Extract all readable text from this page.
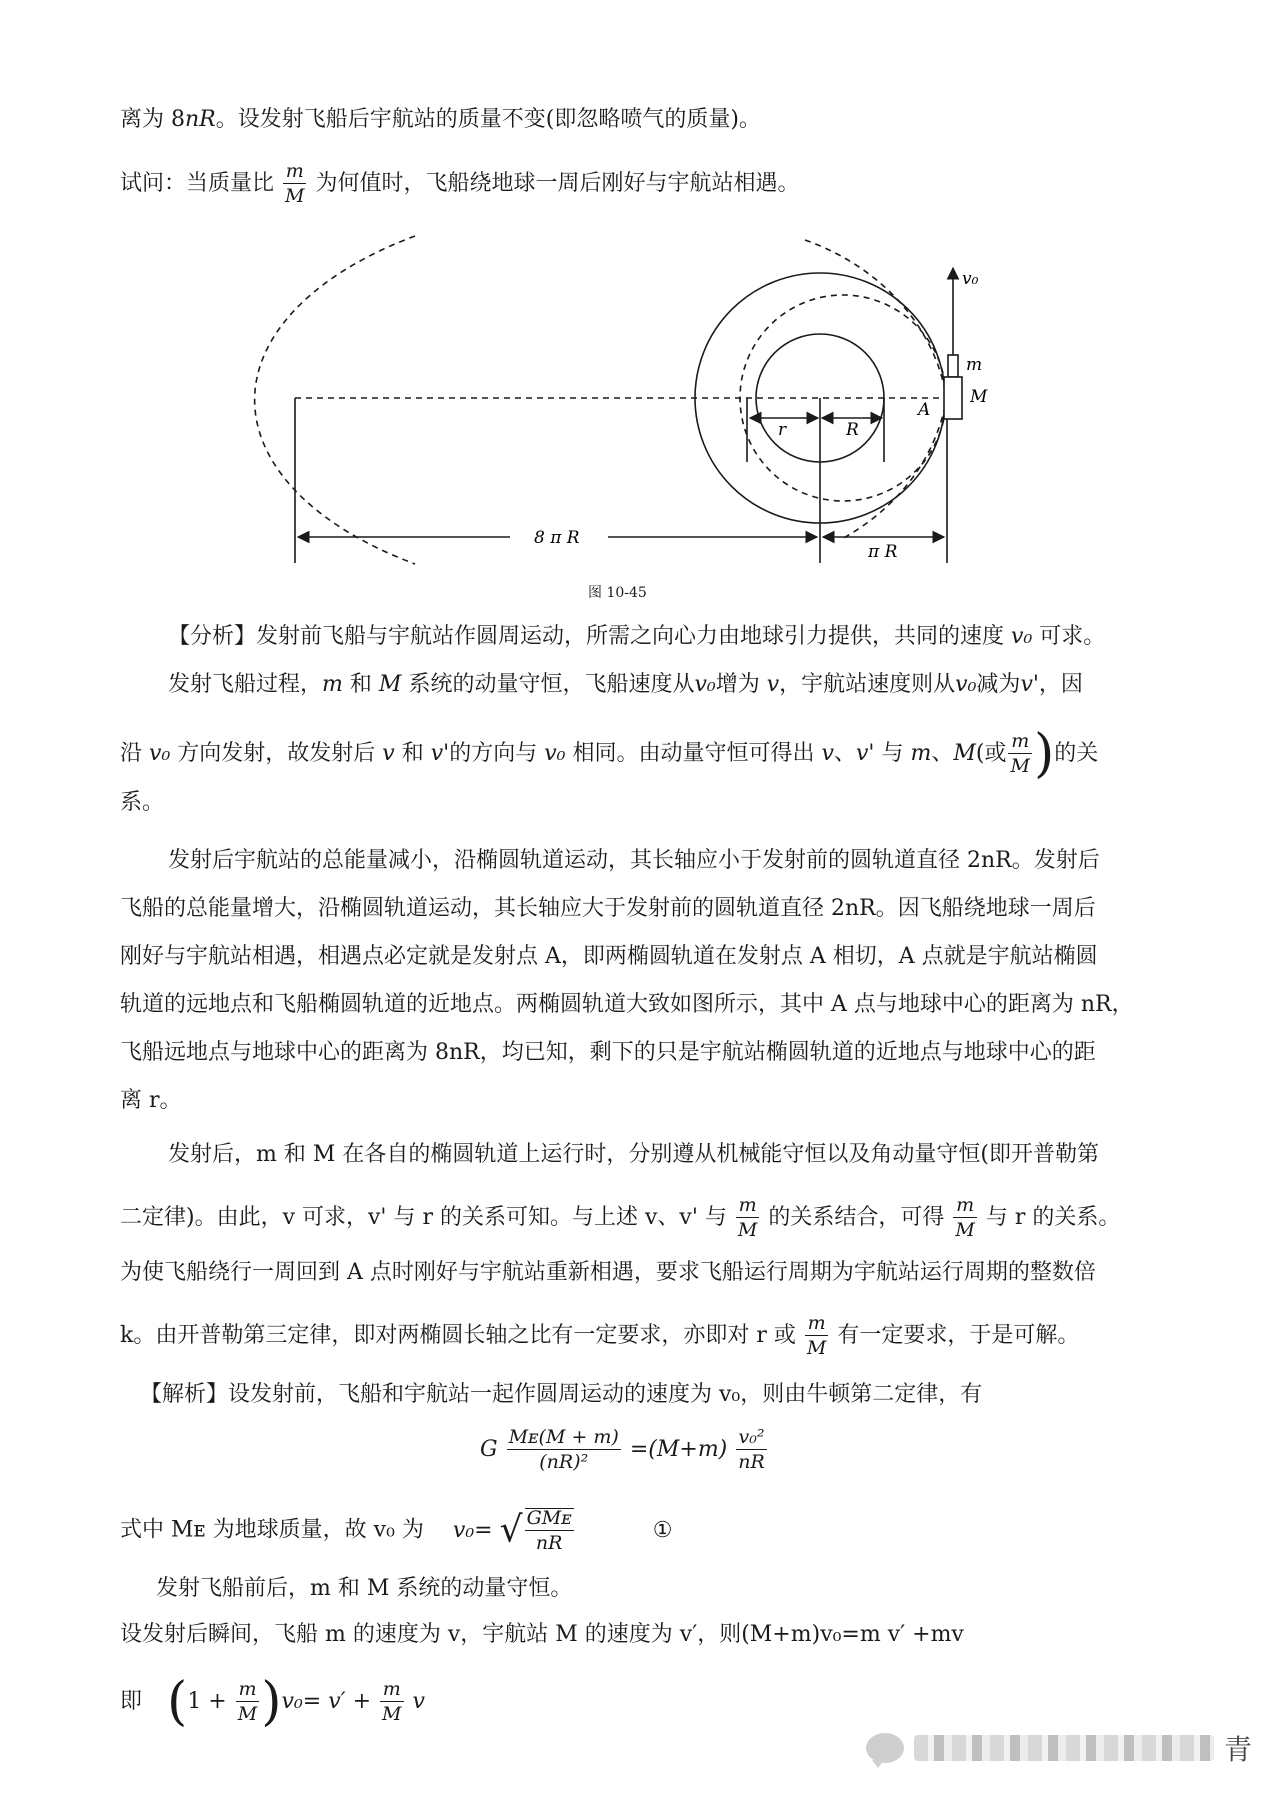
离为 8nR。设发射飞船后宇航站的质量不变(即忽略喷气的质量)。
试问：当质量比 $\frac{m}{M}$ 为何值时，飞船绕地球一周后刚好与宇航站相遇。
v₀
m
M
A
r	R
8 π R
π R
图 10-45
【分析】发射前飞船与宇航站作圆周运动，所需之向心力由地球引力提供，共同的速度 v₀ 可求。
发射飞船过程，m 和 M 系统的动量守恒，飞船速度从v₀增为 v，宇航站速度则从v₀减为v'，因
沿 v₀ 方向发射，故发射后 v 和 v'的方向与 v₀ 相同。由动量守恒可得出 v、v' 与 m、M(或 $\frac{m}{M}$ )的关
系。
发射后宇航站的总能量减小，沿椭圆轨道运动，其长轴应小于发射前的圆轨道直径 2nR。发射后
飞船的总能量增大，沿椭圆轨道运动，其长轴应大于发射前的圆轨道直径 2nR。因飞船绕地球一周后
刚好与宇航站相遇，相遇点必定就是发射点 A，即两椭圆轨道在发射点 A 相切，A 点就是宇航站椭圆
轨道的远地点和飞船椭圆轨道的近地点。两椭圆轨道大致如图所示，其中 A 点与地球中心的距离为 nR，
飞船远地点与地球中心的距离为 8nR，均已知，剩下的只是宇航站椭圆轨道的近地点与地球中心的距
离 r。
发射后，m 和 M 在各自的椭圆轨道上运行时，分别遵从机械能守恒以及角动量守恒(即开普勒第
二定律)。由此，v 可求，v' 与 r 的关系可知。与上述 v、v' 与 $\frac{m}{M}$ 的关系结合，可得 $\frac{m}{M}$ 与 r 的关系。
为使飞船绕行一周回到 A 点时刚好与宇航站重新相遇，要求飞船运行周期为宇航站运行周期的整数倍
k。由开普勒第三定律，即对两椭圆长轴之比有一定要求，亦即对 r 或 $\frac{m}{M}$ 有一定要求，于是可解。
【解析】设发射前，飞船和宇航站一起作圆周运动的速度为 v₀，则由牛顿第二定律，有
G $\frac{\text{Mᴇ(M + m)}}{\text{(nR)²}} =(M+m) \frac{\text{v₀²}}{nR}$
式中 Mᴇ 为地球质量，故 v₀ 为 v₀= √ $\frac{\text{GMᴇ}}{nR}$	①
发射飞船前后，m 和 M 系统的动量守恒。
设发射后瞬间，飞船 m 的速度为 v，宇航站 M 的速度为 v′，则(M+m)v₀=m v′ +mv
即 $(1 + \frac{m}{M} )v_0= v' + \frac{m}{M}$ v
青
